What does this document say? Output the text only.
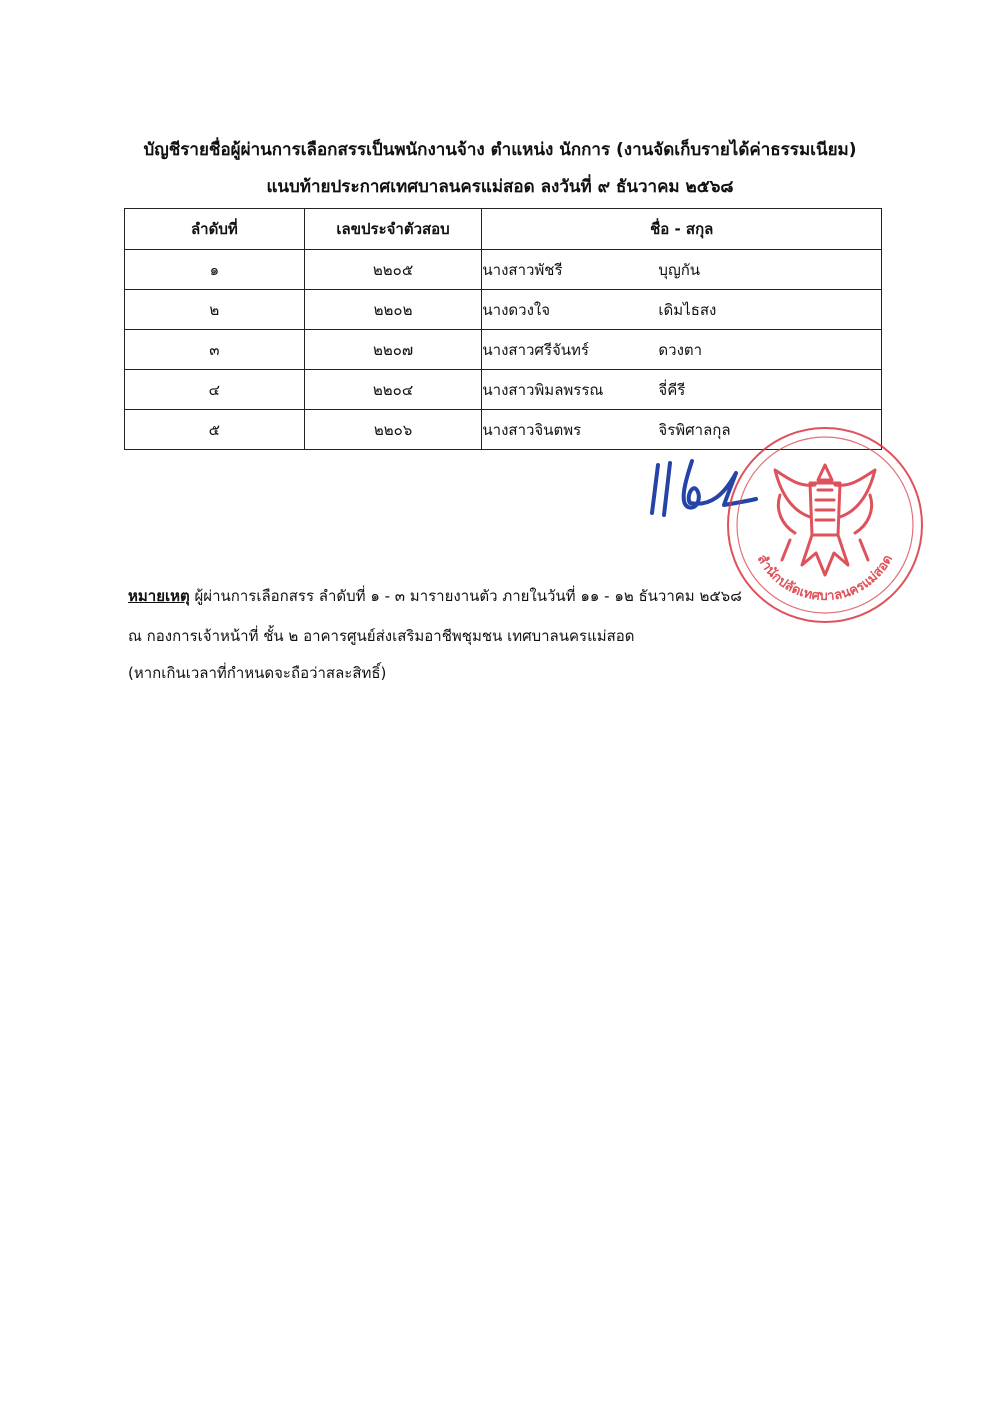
บัญชีรายชื่อผู้ผ่านการเลือกสรรเป็นพนักงานจ้าง ตำแหน่ง นักการ (งานจัดเก็บรายได้ค่าธรรมเนียม)
แนบท้ายประกาศเทศบาลนครแม่สอด ลงวันที่ ๙ ธันวาคม ๒๕๖๘
ลำดับที่	เลขประจำตัวสอบ	ชื่อ - สกุล
๑	๒๒๐๕	นางสาวพัชรี บุญกัน
๒	๒๒๐๒	นางดวงใจ เดิมไธสง
๓	๒๒๐๗	นางสาวศรีจันทร์ ดวงตา
๔	๒๒๐๔	นางสาวพิมลพรรณ จี่คีรี
๕	๒๒๐๖	นางสาวจินตพร จิรพิศาลกุล
สำนักปลัดเทศบาลนครแม่สอด
หมายเหตุ ผู้ผ่านการเลือกสรร ลำดับที่ ๑ - ๓ มารายงานตัว ภายในวันที่ ๑๑ - ๑๒ ธันวาคม ๒๕๖๘
ณ กองการเจ้าหน้าที่ ชั้น ๒ อาคารศูนย์ส่งเสริมอาชีพชุมชน เทศบาลนครแม่สอด
(หากเกินเวลาที่กำหนดจะถือว่าสละสิทธิ์)
